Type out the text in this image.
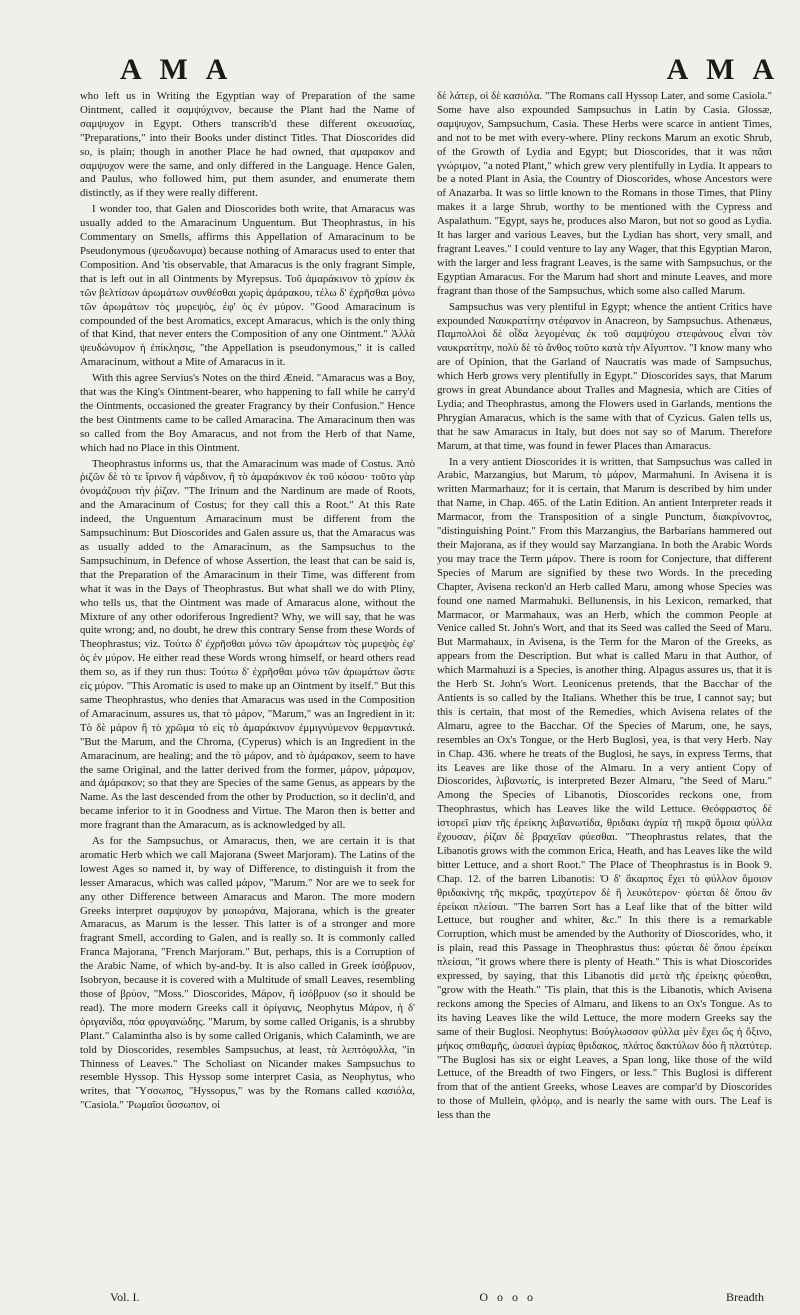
A M A	A M A

who left us in Writing the Egyptian way of Preparation of the same Ointment, called it σαμψύχινον, because the Plant had the Name of σαμψυχον in Egypt. Others transcrib'd these different σκευασίας, "Preparations," into their Books under distinct Titles. That Dioscorides did so, is plain; though in another Place he had owned, that αμαρακον and σαμψυχον were the same, and only differed in the Language. Hence Galen, and Paulus, who followed him, put them asunder, and enumerate them distinctly, as if they were really different.

I wonder too, that Galen and Dioscorides both write, that Amaracus was usually added to the Amaracinum Unguentum. But Theophrastus, in his Commentary on Smells, affirms this Appellation of Amaracinum to be Pseudonymous (ψευδωνυμα) because nothing of Amaracus used to enter that Composition. And 'tis observable, that Amaracus is the only fragrant Simple, that is left out in all Ointments by Myrepsus. Τοῦ ἀμαράκινον τὸ χρίσιν ἐκ τῶν βελτίσων ἀρωμάτων συνθέσθαι χωρὶς ἀμάρακου, τέλω δ' ἐχρῆσθαι μόνω τῶν ἀρωμάτων τὸς μυρεψὸς, ἐφ' ὁς ἐν μύρον. "Good Amaracinum is compounded of the best Aromatics, except Amaracus, which is the only thing of that Kind, that never enters the Composition of any one Ointment." Ἀλλὰ ψευδώνυμον ἡ ἐπίκλησις, "the Appellation is pseudonymous," it is called Amaracinum, without a Mite of Amaracus in it.

With this agree Servius's Notes on the third Æneid. "Amaracus was a Boy, that was the King's Ointment-bearer, who happening to fall while he carry'd the Ointments, occasioned the greater Fragrancy by their Confusion." Hence the best Ointments came to be called Amaracina. The Amaracinum then was so called from the Boy Amaracus, and not from the Herb of that Name, which had no Place in this Ointment.

Theophrastus informs us, that the Amaracinum was made of Costus. Ἀπὸ ῥιζῶν δὲ τὸ τε ἴρινον ἢ νάρδινον, ἢ τὸ ἀμαράκινον ἐκ τοῦ κόσου· τοῦτο γὰρ ὀνομάζουσι τὴν ῥίζαν. "The Irinum and the Nardinum are made of Roots, and the Amaracinum of Costus; for they call this a Root." At this Rate indeed, the Unguentum Amaracinum must be different from the Sampsuchinum: But Dioscorides and Galen assure us, that the Amaracus was as usually added to the Amaracinum, as the Sampsuchus to the Sampsuchinum, in Defence of whose Assertion, the least that can be said is, that the Preparation of the Amaracinum in their Time, was different from what it was in the Days of Theophrastus. But what shall we do with Pliny, who tells us, that the Ointment was made of Amaracus alone, without the Mixture of any other odoriferous Ingredient? Why, we will say, that he was quite wrong; and, no doubt, he drew this contrary Sense from these Words of Theophrastus; viz. Τούτω δ' ἐχρῆσθαι μόνω τῶν ἀρωμάτων τὸς μυρεψὸς ἐφ' ὁς ἐν μύρον. He either read these Words wrong himself, or heard others read them so, as if they run thus: Τούτω δ' ἐχρῆσθαι μόνω τῶν ἀρωμάτων ὥστε εἰς μύρον. "This Aromatic is used to make up an Ointment by itself." But this same Theophrastus, who denies that Amaracus was used in the Composition of Amaracinum, assures us, that τὸ μάρον, "Marum," was an Ingredient in it: Τὸ δὲ μάρον ἢ τὸ χρῶμα τὸ εἰς τὸ ἀμαράκινον ἐμμιγνύμενον θερμαντικά. "But the Marum, and the Chroma, (Cyperus) which is an Ingredient in the Amaracinum, are healing; and the τὸ μάρον, and τὸ ἀμάρακον, seem to have the same Original, and the latter derived from the former, μάρον, μάραμον, and ἀμάρακον; so that they are Species of the same Genus, as appears by the Name. As the last descended from the other by Production, so it declin'd, and became inferior to it in Goodness and Virtue. The Maron then is better and more fragrant than the Amaracum, as is acknowledged by all.

As for the Sampsuchus, or Amaracus, then, we are certain it is that aromatic Herb which we call Majorana (Sweet Marjoram). The Latins of the lowest Ages so named it, by way of Difference, to distinguish it from the lesser Amaracus, which was called μάρον, "Marum." Nor are we to seek for any other Difference between Amaracus and Maron. The more modern Greeks interpret σαμψυχον by μαιωράνα, Majorana, which is the greater Amaracus, as Marum is the lesser. This latter is of a stronger and more fragrant Smell, according to Galen, and is really so. It is commonly called Franca Majorana, "French Marjoram." But, perhaps, this is a Corruption of the Arabic Name, of which by-and-by. It is also called in Greek ἰσόβρυον, Isobryon, because it is covered with a Multitude of small Leaves, resembling those of βρύον, "Moss." Dioscorides, Μάρον, ἢ ἰσόβρυον (so it should be read). The more modern Greeks call it ὀρίγανις, Neophytus Μάρον, ἡ δ' ὀριγανίδα, πόα φρυγανώδης. "Marum, by some called Origanis, is a shrubby Plant." Calamintha also is by some called Origanis, which Calaminth, we are told by Dioscorides, resembles Sampsuchus, at least, τὰ λεπτόφυλλα, "in Thinness of Leaves." The Scholiast on Nicander makes Sampsuchus to resemble Hyssop. This Hyssop some interpret Casia, as Neophytus, who writes, that Ὕσσωπος, "Hyssopus," was by the Romans called κασιόλα, "Casiola." Ῥωμαῖοι ὕσσωπον, οἱ

δὲ λάτερ, οἱ δὲ κασιόλα. "The Romans call Hyssop Later, and some Casiola." Some have also expounded Sampsuchus in Latin by Casia. Glossæ, σαμψυχον, Sampsuchum, Casia. These Herbs were scarce in antient Times, and not to be met with every-where. Pliny reckons Marum an exotic Shrub, of the Growth of Lydia and Egypt; but Dioscorides, that it was πᾶσι γνώριμον, "a noted Plant," which grew very plentifully in Lydia. It appears to be a noted Plant in Asia, the Country of Dioscorides, whose Ancestors were of Anazarba. It was so little known to the Romans in those Times, that Pliny makes it a large Shrub, worthy to be mentioned with the Cypress and Aspalathum. "Egypt, says he, produces also Maron, but not so good as Lydia. It has larger and various Leaves, but the Lydian has short, very small, and fragrant Leaves." I could venture to lay any Wager, that this Egyptian Maron, with the larger and less fragrant Leaves, is the same with Sampsuchus, or the Egyptian Amaracus. For the Marum had short and minute Leaves, and more fragrant than those of the Sampsuchus, which some also called Marum.

Sampsuchus was very plentiful in Egypt; whence the antient Critics have expounded Ναυκρατίτην στέφανον in Anacreon, by Sampsuchus. Athenæus, Παμπολλοὶ δὲ οἶδα λεγομένας ἐκ τοῦ σαμψύχου στεφάνους εἶναι τὸν ναυκρατίτην, πολὺ δὲ τὸ ἄνθος τοῦτο κατὰ τὴν Αἴγυπτον. "I know many who are of Opinion, that the Garland of Naucratis was made of Sampsuchus, which Herb grows very plentifully in Egypt." Dioscorides says, that Marum grows in great Abundance about Tralles and Magnesia, which are Cities of Lydia; and Theophrastus, among the Flowers used in Garlands, mentions the Phrygian Amaracus, which is the same with that of Cyzicus. Galen tells us, that he saw Amaracus in Italy, but does not say so of Marum. Therefore Marum, at that time, was found in fewer Places than Amaracus.

In a very antient Dioscorides it is written, that Sampsuchus was called in Arabic, Marzangius, but Marum, τὸ μάρον, Marmahuni. In Avisena it is written Marmarhauz; for it is certain, that Marum is described by him under that Name, in Chap. 465. of the Latin Edition. An antient Interpreter reads it Marmacor, from the Transposition of a single Punctum, διακρίνοντος, "distinguishing Point." From this Marzangius, the Barbarians hammered out their Majorana, as if they would say Marzangiana. In both the Arabic Words you may trace the Term μάρον. There is room for Conjecture, that different Species of Marum are signified by these two Words. In the preceding Chapter, Avisena reckon'd an Herb called Maru, among whose Species was found one named Marmahuki. Bellunensis, in his Lexicon, remarked, that Marmacor, or Marmahaux, was an Herb, which the common People at Venice called St. John's Wort, and that its Seed was called the Seed of Maru. But Marmahaux, in Avisena, is the Term for the Maron of the Greeks, as appears from the Description. But what is called Maru in that Author, of which Marmahuzi is a Species, is another thing. Alpagus assures us, that it is the Herb St. John's Wort. Leonicenus pretends, that the Bacchar of the Antients is so called by the Italians. Whether this be true, I cannot say; but this is certain, that most of the Remedies, which Avisena relates of the Almaru, agree to the Bacchar. Of the Species of Marum, one, he says, resembles an Ox's Tongue, or the Herb Buglosi, yea, is that very Herb. Nay in Chap. 436. where he treats of the Buglosi, he says, in express Terms, that its Leaves are like those of the Almaru. In a very antient Copy of Dioscorides, λιβανωτίς, is interpreted Bezer Almaru, "the Seed of Maru." Among the Species of Libanotis, Dioscorides reckons one, from Theophrastus, which has Leaves like the wild Lettuce. Θεόφραστος δὲ ἱστορεῖ μίαν τῆς ἐρείκης λιβανωτίδα, θριδακι ἀγρία τῇ πικρᾷ ὅμοια φύλλα ἔχουσαν, ῥίζαν δὲ βραχεῖαν φύεσθαι. "Theophrastus relates, that the Libanotis grows with the common Erica, Heath, and has Leaves like the wild bitter Lettuce, and a short Root." The Place of Theophrastus is in Book 9. Chap. 12. of the barren Libanotis: Ὁ δ' ἄκαρπος ἔχει τὸ φύλλον ὅμοιον θριδακίνης τῆς πικρᾶς, τραχύτερον δὲ ἢ λευκότερον· φύεται δὲ ὅπου ἂν ἐρείκαι πλείσαι. "The barren Sort has a Leaf like that of the bitter wild Lettuce, but rougher and whiter, &c." In this there is a remarkable Corruption, which must be amended by the Authority of Dioscorides, who, it is plain, read this Passage in Theophrastus thus: φύεται δὲ ὅπου ἐρείκαι πλείσαι, "it grows where there is plenty of Heath." This is what Dioscorides expressed, by saying, that this Libanotis did μετὰ τῆς ἐρείκης φύεσθαι, "grow with the Heath." 'Tis plain, that this is the Libanotis, which Avisena reckons among the Species of Almaru, and likens to an Ox's Tongue. As to its having Leaves like the wild Lettuce, the more modern Greeks say the same of their Buglosi. Neophytus: Βούγλωσσον φύλλα μὲν ἔχει ὥς ἡ ὄξινο, μήκος σπιθαμῆς, ὡσαυεὶ ἀγρίας θριδακος, πλάτος δακτύλων δύο ἢ πλατύτερ. "The Buglosi has six or eight Leaves, a Span long, like those of the wild Lettuce, of the Breadth of two Fingers, or less." This Buglosi is different from that of the antient Greeks, whose Leaves are compar'd by Dioscorides to those of Mullein, φλόμῳ, and is nearly the same with ours. The Leaf is less than the

Vol. I.	O o o o	Breadth
